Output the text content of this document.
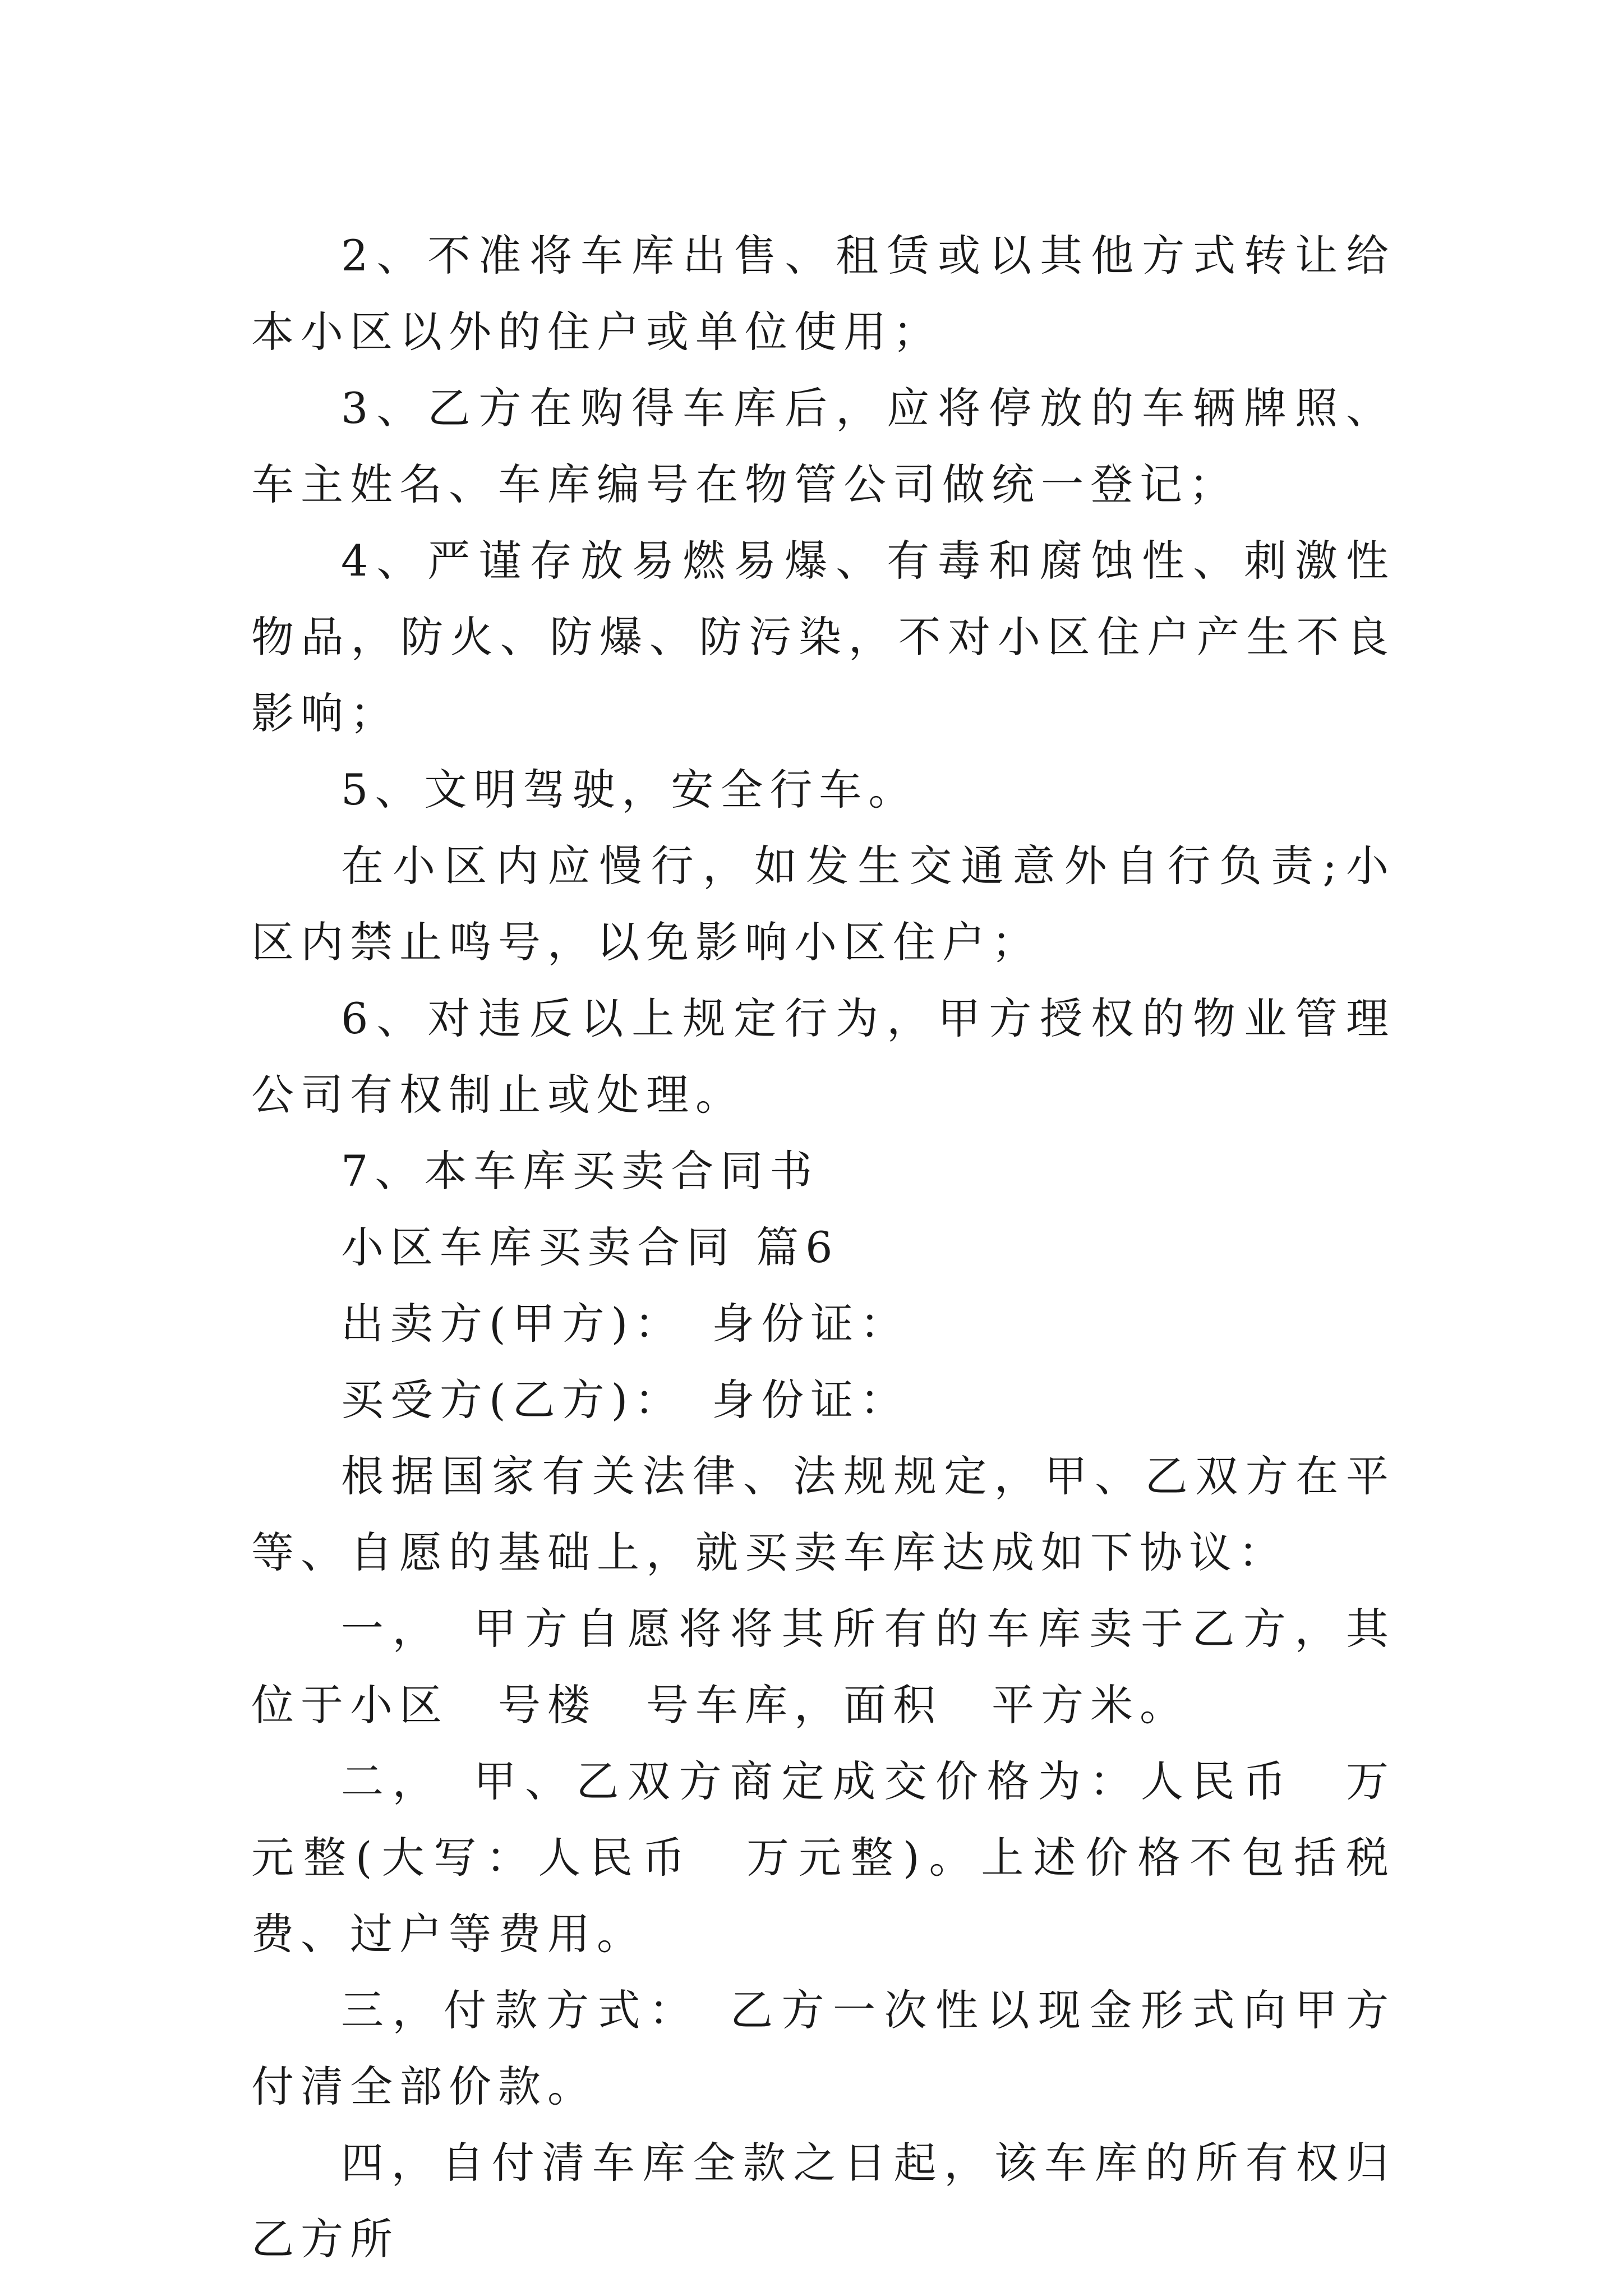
2、不准将车库出售、租赁或以其他方式转让给本小区以外的住户或单位使用；

3、乙方在购得车库后，应将停放的车辆牌照、车主姓名、车库编号在物管公司做统一登记；

4、严谨存放易燃易爆、有毒和腐蚀性、刺激性物品，防火、防爆、防污染，不对小区住户产生不良影响；

5、文明驾驶，安全行车。

在小区内应慢行，如发生交通意外自行负责;小区内禁止鸣号，以免影响小区住户；

6、对违反以上规定行为，甲方授权的物业管理公司有权制止或处理。

7、本车库买卖合同书

小区车库买卖合同 篇6

出卖方(甲方)：　身份证：

买受方(乙方)：　身份证：

根据国家有关法律、法规规定，甲、乙双方在平等、自愿的基础上，就买卖车库达成如下协议：

一，　甲方自愿将将其所有的车库卖于乙方，其位于小区　号楼　号车库，面积　平方米。

二，　甲、乙双方商定成交价格为：人民币　万元整(大写：人民币　万元整)。上述价格不包括税费、过户等费用。

三，付款方式：　乙方一次性以现金形式向甲方付清全部价款。

四，自付清车库全款之日起，该车库的所有权归乙方所
